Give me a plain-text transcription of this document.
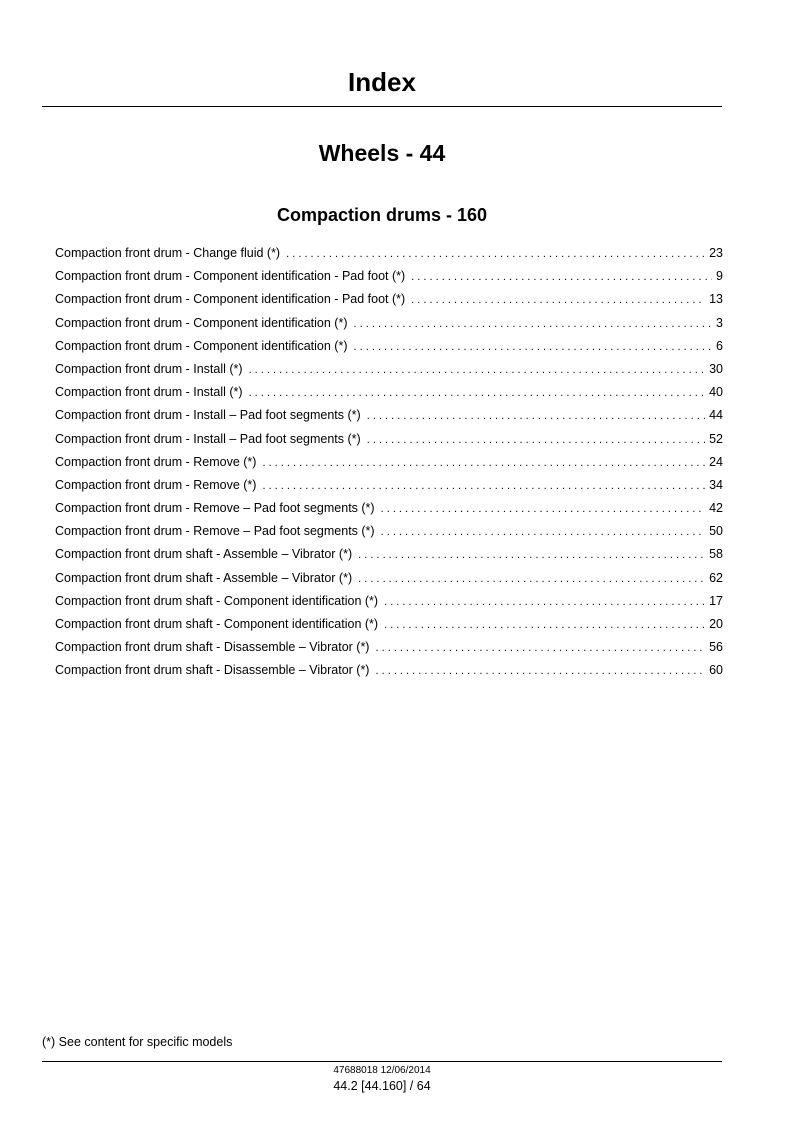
Index
Wheels - 44
Compaction drums - 160
Compaction front drum - Change fluid (*) . . .	23
Compaction front drum - Component identification - Pad foot (*) . . .	9
Compaction front drum - Component identification - Pad foot (*) . . .	13
Compaction front drum - Component identification (*) . . .	3
Compaction front drum - Component identification (*) . . .	6
Compaction front drum - Install (*) . . .	30
Compaction front drum - Install (*) . . .	40
Compaction front drum - Install – Pad foot segments (*) . . .	44
Compaction front drum - Install – Pad foot segments (*) . . .	52
Compaction front drum - Remove (*) . . .	24
Compaction front drum - Remove (*) . . .	34
Compaction front drum - Remove – Pad foot segments (*) . . .	42
Compaction front drum - Remove – Pad foot segments (*) . . .	50
Compaction front drum shaft - Assemble – Vibrator (*) . . .	58
Compaction front drum shaft - Assemble – Vibrator (*) . . .	62
Compaction front drum shaft - Component identification (*) . . .	17
Compaction front drum shaft - Component identification (*) . . .	20
Compaction front drum shaft - Disassemble – Vibrator (*) . . .	56
Compaction front drum shaft - Disassemble – Vibrator (*) . . .	60
(*) See content for specific models
47688018 12/06/2014
44.2 [44.160] / 64
